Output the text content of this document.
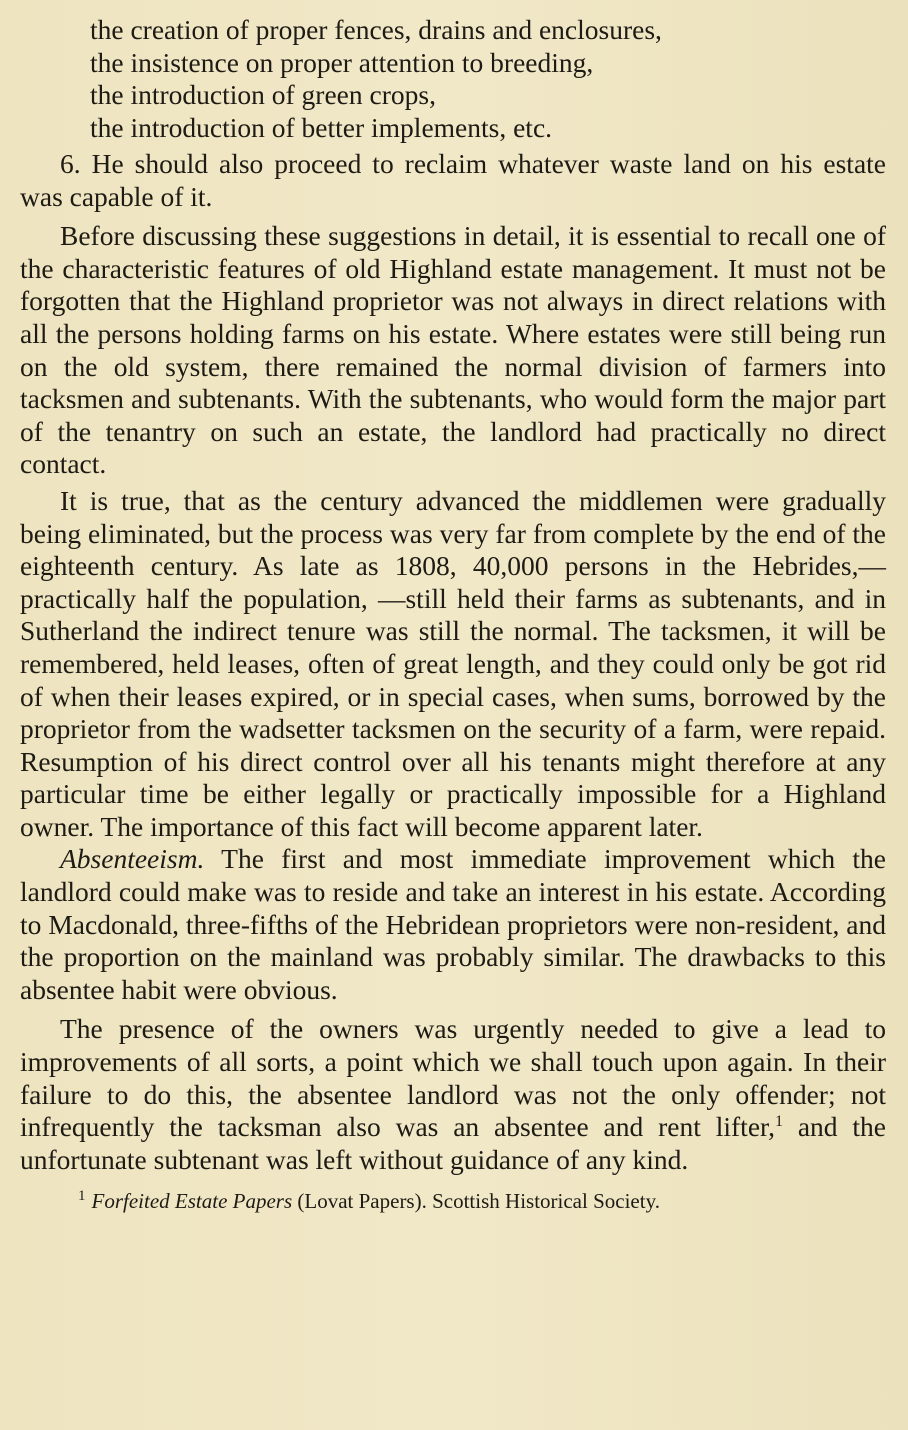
the creation of proper fences, drains and enclosures,
the insistence on proper attention to breeding,
the introduction of green crops,
the introduction of better implements, etc.

6. He should also proceed to reclaim whatever waste land on his estate was capable of it.

Before discussing these suggestions in detail, it is essential to recall one of the characteristic features of old Highland estate management. It must not be forgotten that the Highland proprietor was not always in direct relations with all the persons holding farms on his estate. Where estates were still being run on the old system, there remained the normal division of farmers into tacksmen and subtenants. With the subtenants, who would form the major part of the tenantry on such an estate, the landlord had practically no direct contact.

It is true, that as the century advanced the middlemen were gradually being eliminated, but the process was very far from complete by the end of the eighteenth century. As late as 1808, 40,000 persons in the Hebrides,—practically half the population, —still held their farms as subtenants, and in Sutherland the indirect tenure was still the normal. The tacksmen, it will be remembered, held leases, often of great length, and they could only be got rid of when their leases expired, or in special cases, when sums, borrowed by the proprietor from the wadsetter tacksmen on the security of a farm, were repaid. Resumption of his direct control over all his tenants might therefore at any particular time be either legally or practically impossible for a Highland owner. The importance of this fact will become apparent later.

Absenteeism. The first and most immediate improvement which the landlord could make was to reside and take an interest in his estate. According to Macdonald, three-fifths of the Hebridean proprietors were non-resident, and the proportion on the mainland was probably similar. The drawbacks to this absentee habit were obvious.

The presence of the owners was urgently needed to give a lead to improvements of all sorts, a point which we shall touch upon again. In their failure to do this, the absentee landlord was not the only offender; not infrequently the tacksman also was an absentee and rent lifter,$^1$ and the unfortunate subtenant was left without guidance of any kind.

$^1$ Forfeited Estate Papers (Lovat Papers). Scottish Historical Society.
